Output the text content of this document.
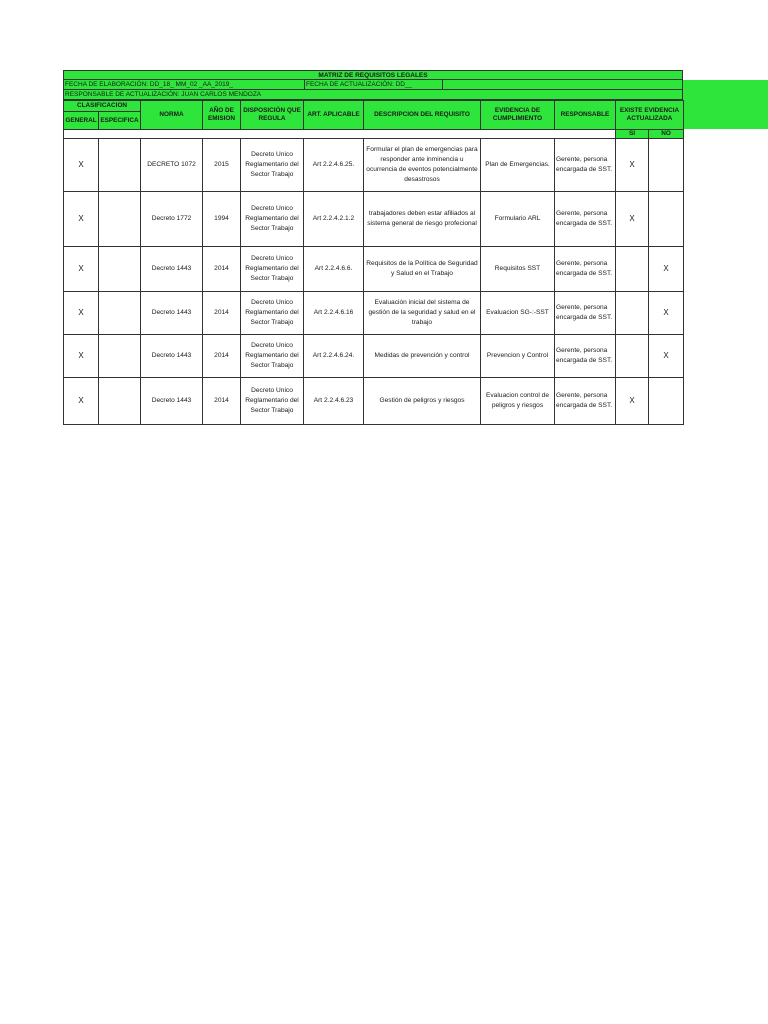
MATRIZ DE REQUISITOS LEGALES
FECHA DE ELABORACIÓN: DD_18_ MM_02 _AA_2019_	FECHA DE ACTUALIZACIÓN: DD__
RESPONSABLE DE ACTUALIZACIÓN: JUAN CARLOS MENDOZA
CLASIFICACION		NORMA	AÑO DE EMISION	DISPOSICIÓN QUE REGULA	ART. APLICABLE	DESCRIPCION DEL REQUISITO	EVIDENCIA DE CUMPLIMIENTO	RESPONSABLE	EXISTE EVIDENCIA ACTUALIZADA	
GENERAL	ESPECIFICA									
									SI	NO
X		DECRETO 1072	2015	Decreto Unico Reglamentario del Sector Trabajo	Art 2.2.4.6.25.	Formular el plan de emergencias para responder ante inminencia u ocurrencia de eventos potencialmente desastrosos	Plan de Emergencias.	Gerente, persona encargada de SST.	X	
X		Decreto 1772	1994	Decreto Unico Reglamentario del Sector Trabajo	Art 2.2.4.2.1.2	trabajadores deben estar afiliados al sistema general de riesgo profecional	Formulario ARL	Gerente, persona encargada de SST.	X	
X		Decreto 1443	2014	Decreto Unico Reglamentario del Sector Trabajo	Art 2.2.4.6.6.	Requisitos de la Política de Seguridad y Salud en el Trabajo	Requisitos SST	Gerente, persona encargada de SST.		X
X		Decreto 1443	2014	Decreto Unico Reglamentario del Sector Trabajo	Art 2.2.4.6.16	Evaluación inicial del sistema de gestión de la seguridad y salud en el trabajo	Evaluacion SG-:-SST	Gerente, persona encargada de SST.		X
X		Decreto 1443	2014	Decreto Unico Reglamentario del Sector Trabajo	Art 2.2.4.6.24.	Medidas de prevención y control	Prevencion y Control	Gerente, persona encargada de SST.		X
X		Decreto 1443	2014	Decreto Unico Reglamentario del Sector Trabajo	Art 2.2.4.6.23	Gestión de peligros y riesgos	Evaluacion control de peligros y riesgos	Gerente, persona encargada de SST.	X	
